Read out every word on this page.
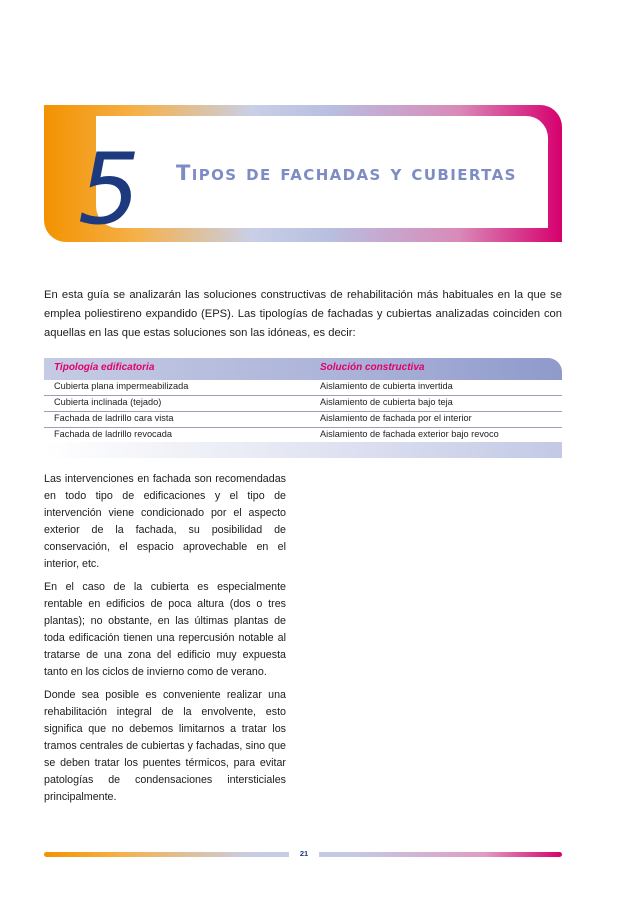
5	Tipos de fachadas y cubiertas

En esta guía se analizarán las soluciones constructivas de rehabilitación más habituales en la que se emplea poliestireno expandido (EPS). Las tipologías de fachadas y cubiertas analizadas coinciden con aquellas en las que estas soluciones son las idóneas, es decir:

Tipología edificatoria	Solución constructiva
Cubierta plana impermeabilizada	Aislamiento de cubierta invertida
Cubierta inclinada (tejado)	Aislamiento de cubierta bajo teja
Fachada de ladrillo cara vista	Aislamiento de fachada por el interior
Fachada de ladrillo revocada	Aislamiento de fachada exterior bajo revoco

Las intervenciones en fachada son recomendadas en todo tipo de edificaciones y el tipo de intervención viene condicionado por el aspecto exterior de la fachada, su posibilidad de conservación, el espacio aprovechable en el interior, etc.

En el caso de la cubierta es especialmente rentable en edificios de poca altura (dos o tres plantas); no obstante, en las últimas plantas de toda edificación tienen una repercusión notable al tratarse de una zona del edificio muy expuesta tanto en los ciclos de invierno como de verano.

Donde sea posible es conveniente realizar una rehabilitación integral de la envolvente, esto significa que no debemos limitarnos a tratar los tramos centrales de cubiertas y fachadas, sino que se deben tratar los puentes térmicos, para evitar patologías de condensaciones intersticiales principalmente.

21
